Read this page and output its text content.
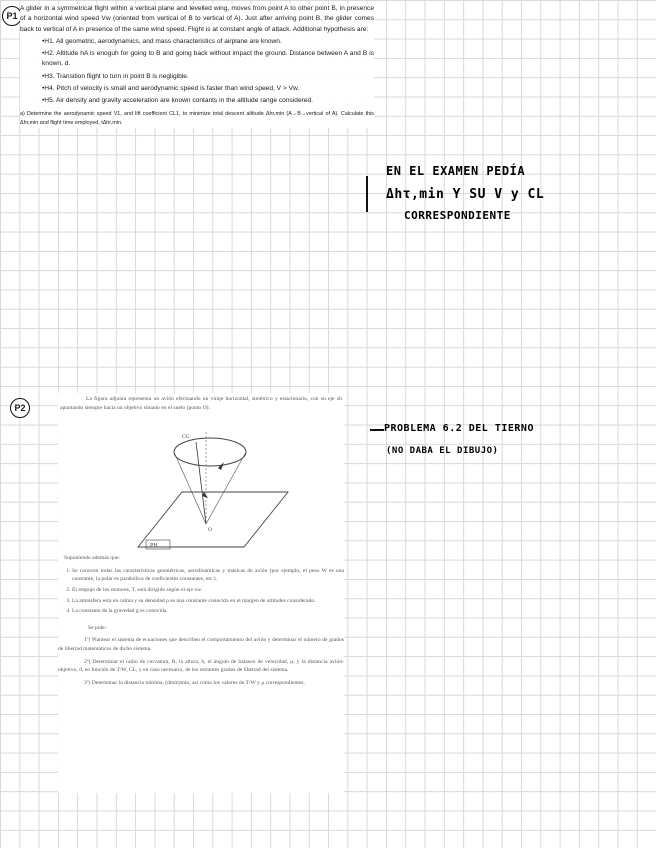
P1
A glider in a symmetrical flight within a vertical plane and levelled wing, moves from point A to other point B, in presence of a horizontal wind speed Vw (oriented from vertical of B to vertical of A). Just after arriving point B, the glider comes back to vertical of A in presence of the same wind speed. Flight is at constant angle of attack. Additional hypothesis are:
•H1. All geometric, aerodynamics, and mass characteristics of airplane are known.
•H2. Altitude hA is enoguh for going to B and going back without impact the ground. Distance between A and B is known, d.
•H3. Transition flight to turn in point B is negligible.
•H4. Pitch of velocity is small and aerodynamic speed is faster than wind speed, V > Vw.
•H5. Air density and gravity acceleration are known contants in the altitude range considered.
a) Determine the aerodynamic speed V1, and lift coefficient CL1, to minimize total descent altitude Δhr,min (A→B→vertical of A). Calculate this Δhr,min and flight time employed, tΔhr,min.
EN EL EXAMEN PEDÍA
Δhτ,min Y SU V y CL
CORRESPONDIENTE
P2
La figura adjunta representa un avión efectuando un viraje horizontal, simétrico y estacionario, con su eje zb apuntando siempre hacia un objetivo situado en el suelo (punto O).
PH
CG
O
Suponiendo además que:
1. Se conocen todas las características geométricas, aerodinámicas y másicas de avión (por ejemplo, el peso W es una constante, la polar es parabólica de coeficientes constantes, etc.).
2. El empuje de los motores, T, está dirigido según el eje xw.
3. La atmósfera está en calma y su densidad ρ es una constante conocida en el margen de altitudes considerado.
4. La constante de la gravedad g es conocida.
Se pide:
1º) Plantear el sistema de ecuaciones que describen el comportamiento del avión y determinar el número de grados de libertad matemáticos de dicho sistema.
2º) Determinar el radio de curvatura, R, la altura, h, el ángulo de balance de velocidad, μ, y la distancia avión-objetivo, d, en función de T/W, CL, y en caso necesario, de los restantes grados de libertad del sistema.
3º) Determinar la distancia mínima, (dmin)min, así como los valores de T/W y μ correspondientes.
PROBLEMA 6.2 DEL TIERNO
(NO DABA EL DIBUJO)
